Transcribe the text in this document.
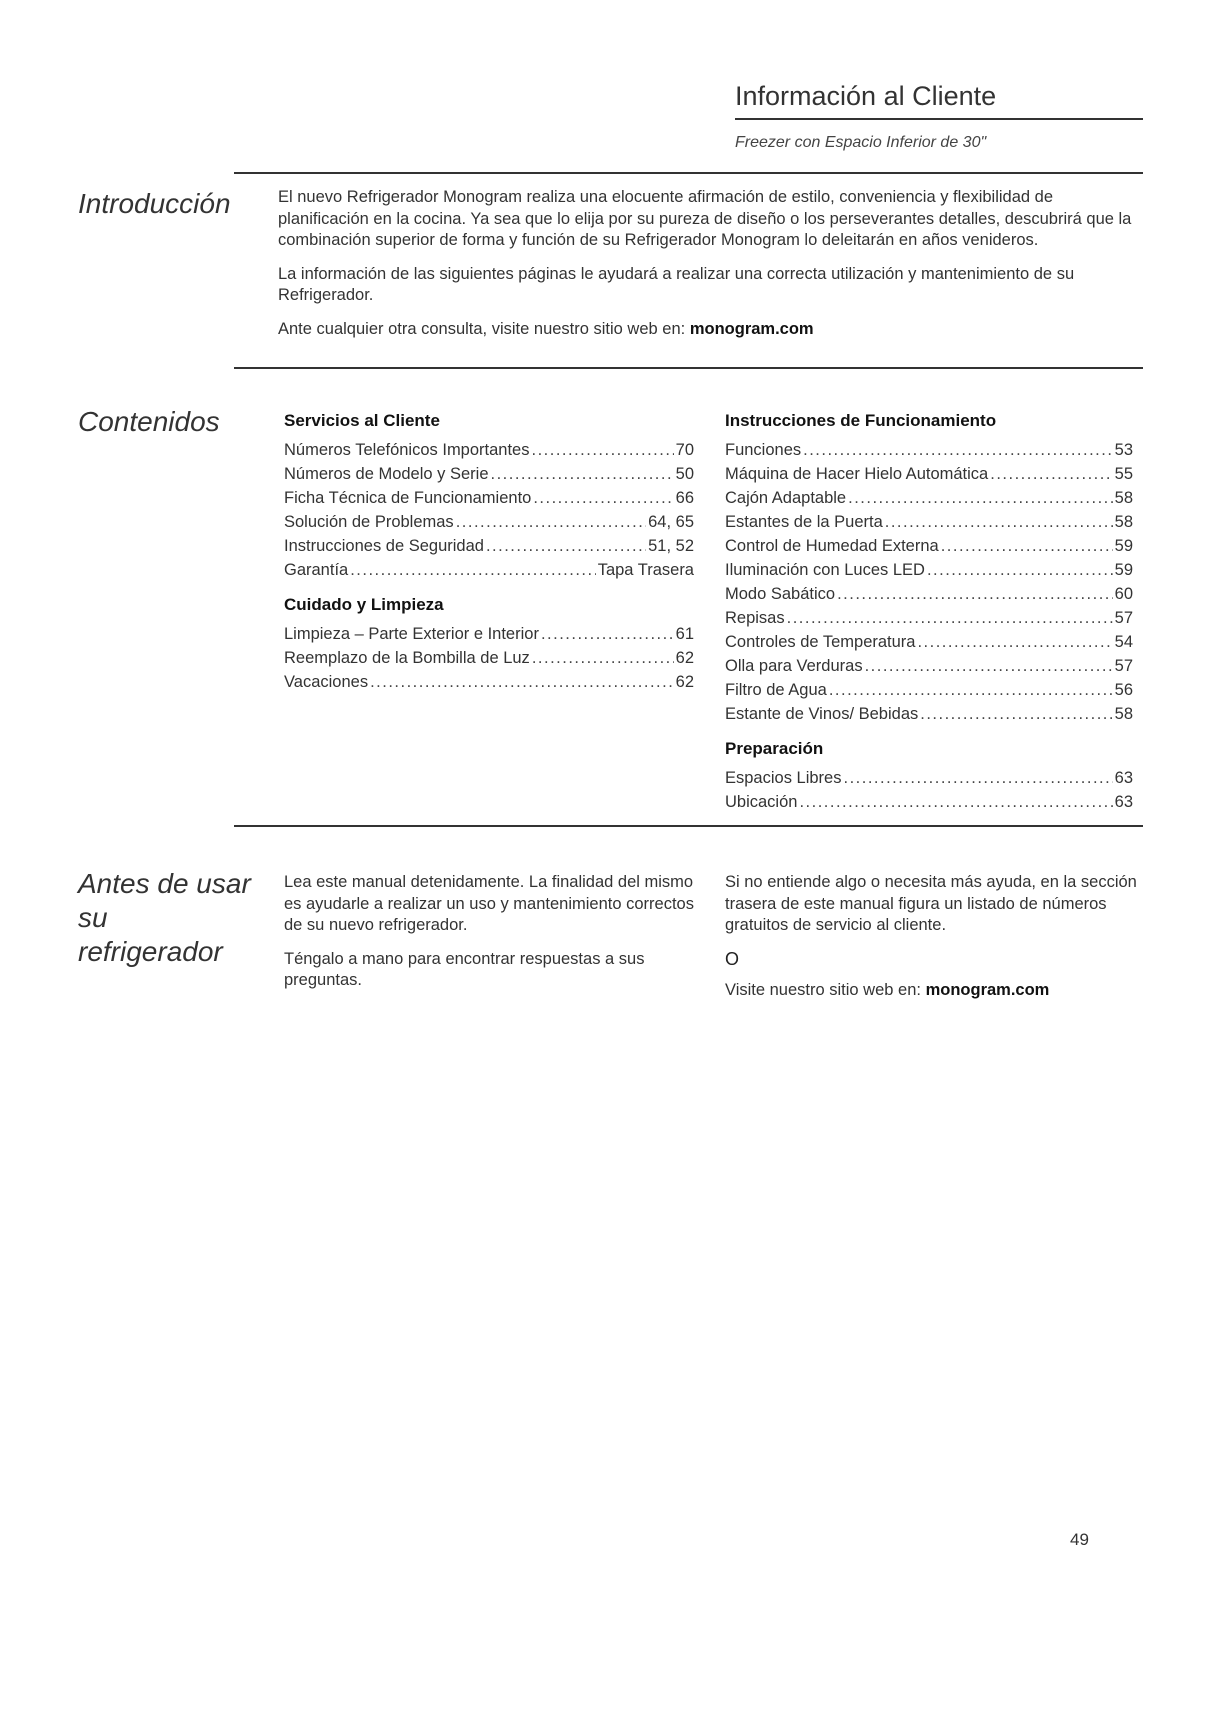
Información al Cliente
Freezer con Espacio Inferior de 30"
Introducción	El nuevo Refrigerador Monogram realiza una elocuente afirmación de estilo, conveniencia y flexibilidad de planificación en la cocina. Ya sea que lo elija por su pureza de diseño o los perseverantes detalles, descubrirá que la combinación superior de forma y función de su Refrigerador Monogram lo deleitarán en años venideros.

La información de las siguientes páginas le ayudará a realizar una correcta utilización y mantenimiento de su Refrigerador.

Ante cualquier otra consulta, visite nuestro sitio web en: monogram.com

Contenidos	Servicios al Cliente
Números Telefónicos Importantes .....	70
Números de Modelo y Serie .....	50
Ficha Técnica de Funcionamiento .....	66
Solución de Problemas .....	64, 65
Instrucciones de Seguridad .....	51, 52
Garantía .....	Tapa Trasera
Cuidado y Limpieza
Limpieza – Parte Exterior e Interior .....	61
Reemplazo de la Bombilla de Luz .....	62
Vacaciones .....	62
Instrucciones de Funcionamiento
Funciones .....	53
Máquina de Hacer Hielo Automática .....	55
Cajón Adaptable .....	58
Estantes de la Puerta .....	58
Control de Humedad Externa .....	59
Iluminación con Luces LED .....	59
Modo Sabático .....	60
Repisas .....	57
Controles de Temperatura .....	54
Olla para Verduras .....	57
Filtro de Agua .....	56
Estante de Vinos/ Bebidas .....	58
Preparación
Espacios Libres .....	63
Ubicación .....	63
Antes de usar
su
refrigerador

Lea este manual detenidamente. La finalidad del mismo es ayudarle a realizar un uso y mantenimiento correctos de su nuevo refrigerador.

Téngalo a mano para encontrar respuestas a sus preguntas.

Si no entiende algo o necesita más ayuda, en la sección trasera de este manual figura un listado de números gratuitos de servicio al cliente.

O

Visite nuestro sitio web en: monogram.com

49
